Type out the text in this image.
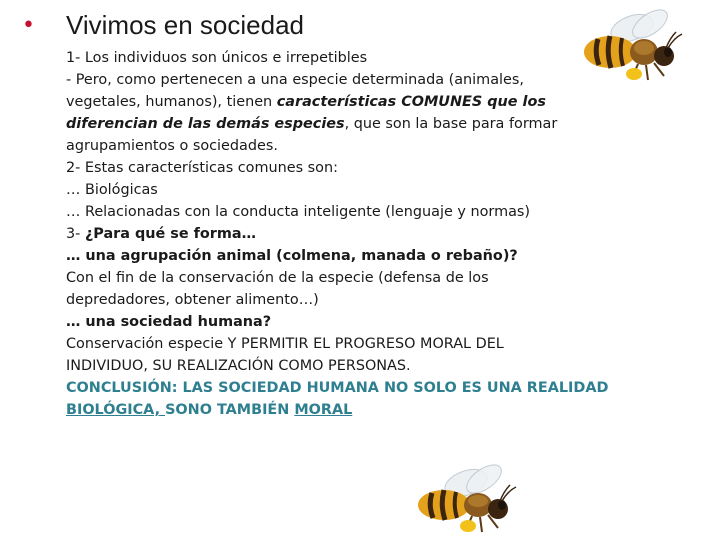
• Vivimos en sociedad
1- Los individuos son únicos e irrepetibles
- Pero, como pertenecen a una especie determinada (animales,
vegetales, humanos), tienen características COMUNES que los
diferencian de las demás especies, que son la base para formar
agrupamientos o sociedades.
2- Estas características comunes son:
… Biológicas
… Relacionadas con la conducta inteligente (lenguaje y normas)
3- ¿Para qué se forma…
… una agrupación animal (colmena, manada o rebaño)?
Con el fin de la conservación de la especie (defensa de los
depredadores, obtener alimento…)
… una sociedad humana?
Conservación especie Y PERMITIR EL PROGRESO MORAL DEL
INDIVIDUO, SU REALIZACIÓN COMO PERSONAS.
CONCLUSIÓN: LAS SOCIEDAD HUMANA NO SOLO ES UNA REALIDAD
BIOLÓGICA, SONO TAMBIÉN MORAL
